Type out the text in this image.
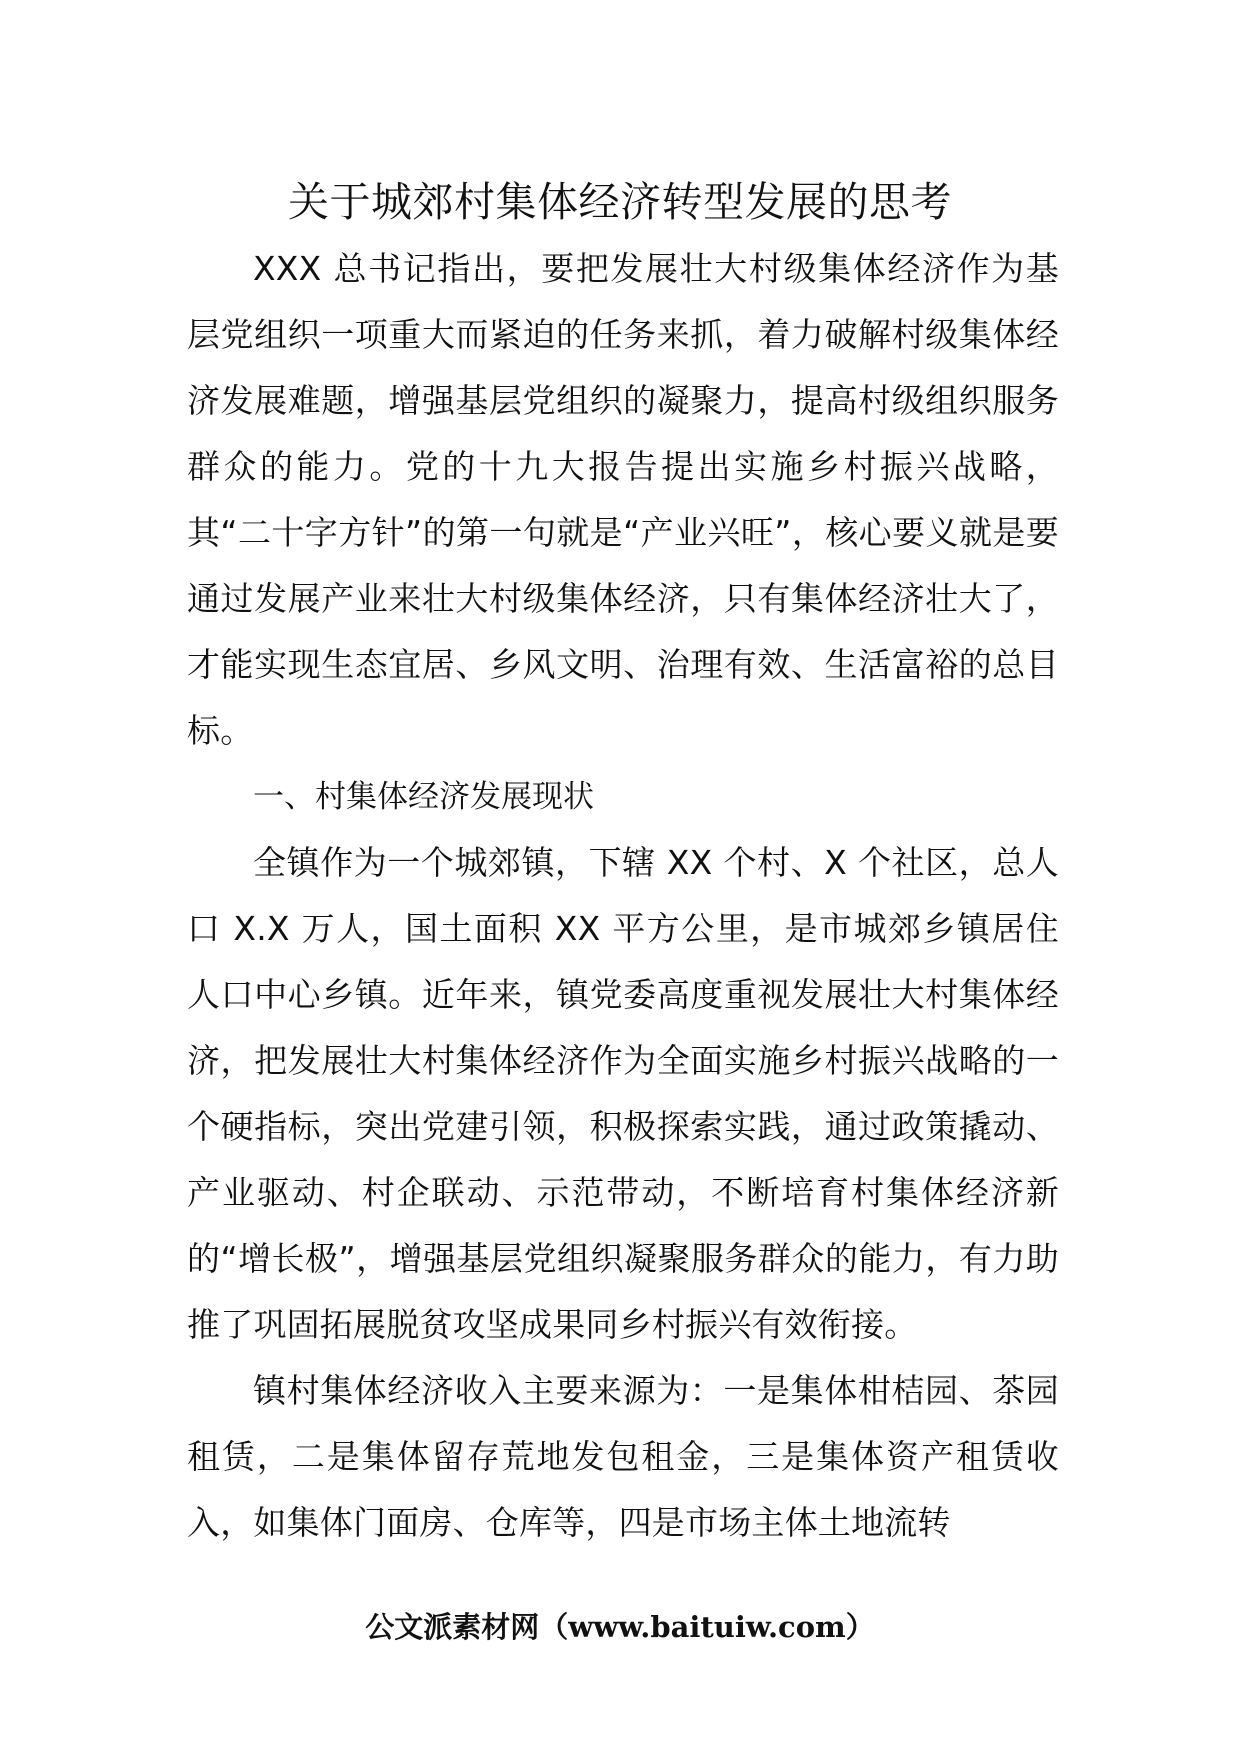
关于城郊村集体经济转型发展的思考

XXX 总书记指出，要把发展壮大村级集体经济作为基层党组织一项重大而紧迫的任务来抓，着力破解村级集体经济发展难题，增强基层党组织的凝聚力，提高村级组织服务群众的能力。党的十九大报告提出实施乡村振兴战略，其“二十字方针”的第一句就是“产业兴旺”，核心要义就是要通过发展产业来壮大村级集体经济，只有集体经济壮大了，才能实现生态宜居、乡风文明、治理有效、生活富裕的总目标。

一、村集体经济发展现状

全镇作为一个城郊镇，下辖 XX 个村、X 个社区，总人口 X.X 万人，国土面积 XX 平方公里，是市城郊乡镇居住人口中心乡镇。近年来，镇党委高度重视发展壮大村集体经济，把发展壮大村集体经济作为全面实施乡村振兴战略的一个硬指标，突出党建引领，积极探索实践，通过政策撬动、产业驱动、村企联动、示范带动，不断培育村集体经济新的“增长极”，增强基层党组织凝聚服务群众的能力，有力助推了巩固拓展脱贫攻坚成果同乡村振兴有效衔接。

镇村集体经济收入主要来源为：一是集体柑桔园、茶园租赁，二是集体留存荒地发包租金，三是集体资产租赁收入，如集体门面房、仓库等，四是市场主体土地流转

公文派素材网（www.baituiw.com）
